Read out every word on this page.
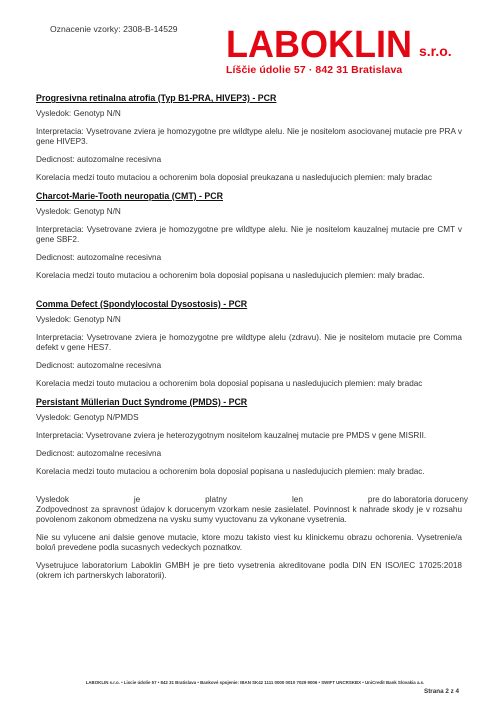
Oznacenie vzorky: 2308-B-14529 LABOKLIN s.r.o.
Líščie údolie 57 · 842 31 Bratislava
Progresivna retinalna atrofia (Typ B1-PRA, HIVEP3) - PCR
Vysledok: Genotyp N/N
Interpretacia: Vysetrovane zviera je homozygotne pre wildtype alelu. Nie je nositelom asociovanej mutacie pre PRA v gene HIVEP3.
Dedicnost: autozomalne recesivna
Korelacia medzi touto mutaciou a ochorenim bola doposial preukazana u nasledujucich plemien: maly bradac
Charcot-Marie-Tooth neuropatia (CMT) - PCR
Vysledok: Genotyp N/N
Interpretacia: Vysetrovane zviera je homozygotne pre wildtype alelu. Nie je nositelom kauzalnej mutacie pre CMT v gene SBF2.
Dedicnost: autozomalne recesivna
Korelacia medzi touto mutaciou a ochorenim bola doposial popisana u nasledujucich plemien: maly bradac.
Comma Defect (Spondylocostal Dysostosis) - PCR
Vysledok: Genotyp N/N
Interpretacia: Vysetrovane zviera je homozygotne pre wildtype alelu (zdravu). Nie je nositelom mutacie pre Comma defekt v gene HES7.
Dedicnost: autozomalne recesivna
Korelacia medzi touto mutaciou a ochorenim bola doposial popisana u nasledujucich plemien: maly bradac
Persistant Müllerian Duct Syndrome (PMDS) - PCR
Vysledok: Genotyp N/PMDS
Interpretacia: Vysetrovane zviera je heterozygotnym nositelom kauzalnej mutacie pre PMDS v gene MISRII.
Dedicnost: autozomalne recesivna
Korelacia medzi touto mutaciou a ochorenim bola doposial popisana u nasledujucich plemien: maly bradac.
Vysledok	je	platny	len	pre do laboratoria doruceny
Zodpovednost za spravnost údajov k dorucenym vzorkam nesie zasielatel. Povinnost k nahrade skody je v rozsahu povolenom zakonom obmedzena na vysku sumy vyuctovanu za vykonane vysetrenia.
Nie su vylucene ani dalsie genove mutacie, ktore mozu takisto viest ku klinickemu obrazu ochorenia. Vysetrenie/a bolo/i prevedene podla sucasnych vedeckych poznatkov.
Vysetrujuce laboratorium Laboklin GMBH je pre tieto vysetrenia akreditovane podla DIN EN ISO/IEC 17025:2018 (okrem ich partnerskych laboratorii).
LABOKLIN s.r.o. • Liscie údolie 57 • 842 31 Bratislava • Bankové spojenie: IBAN SK42 1111 0000 0010 7029 9006 • SWIFT UNCRSKBX • UniCredit Bank Slovakia a.s.
Strana 2 z 4
